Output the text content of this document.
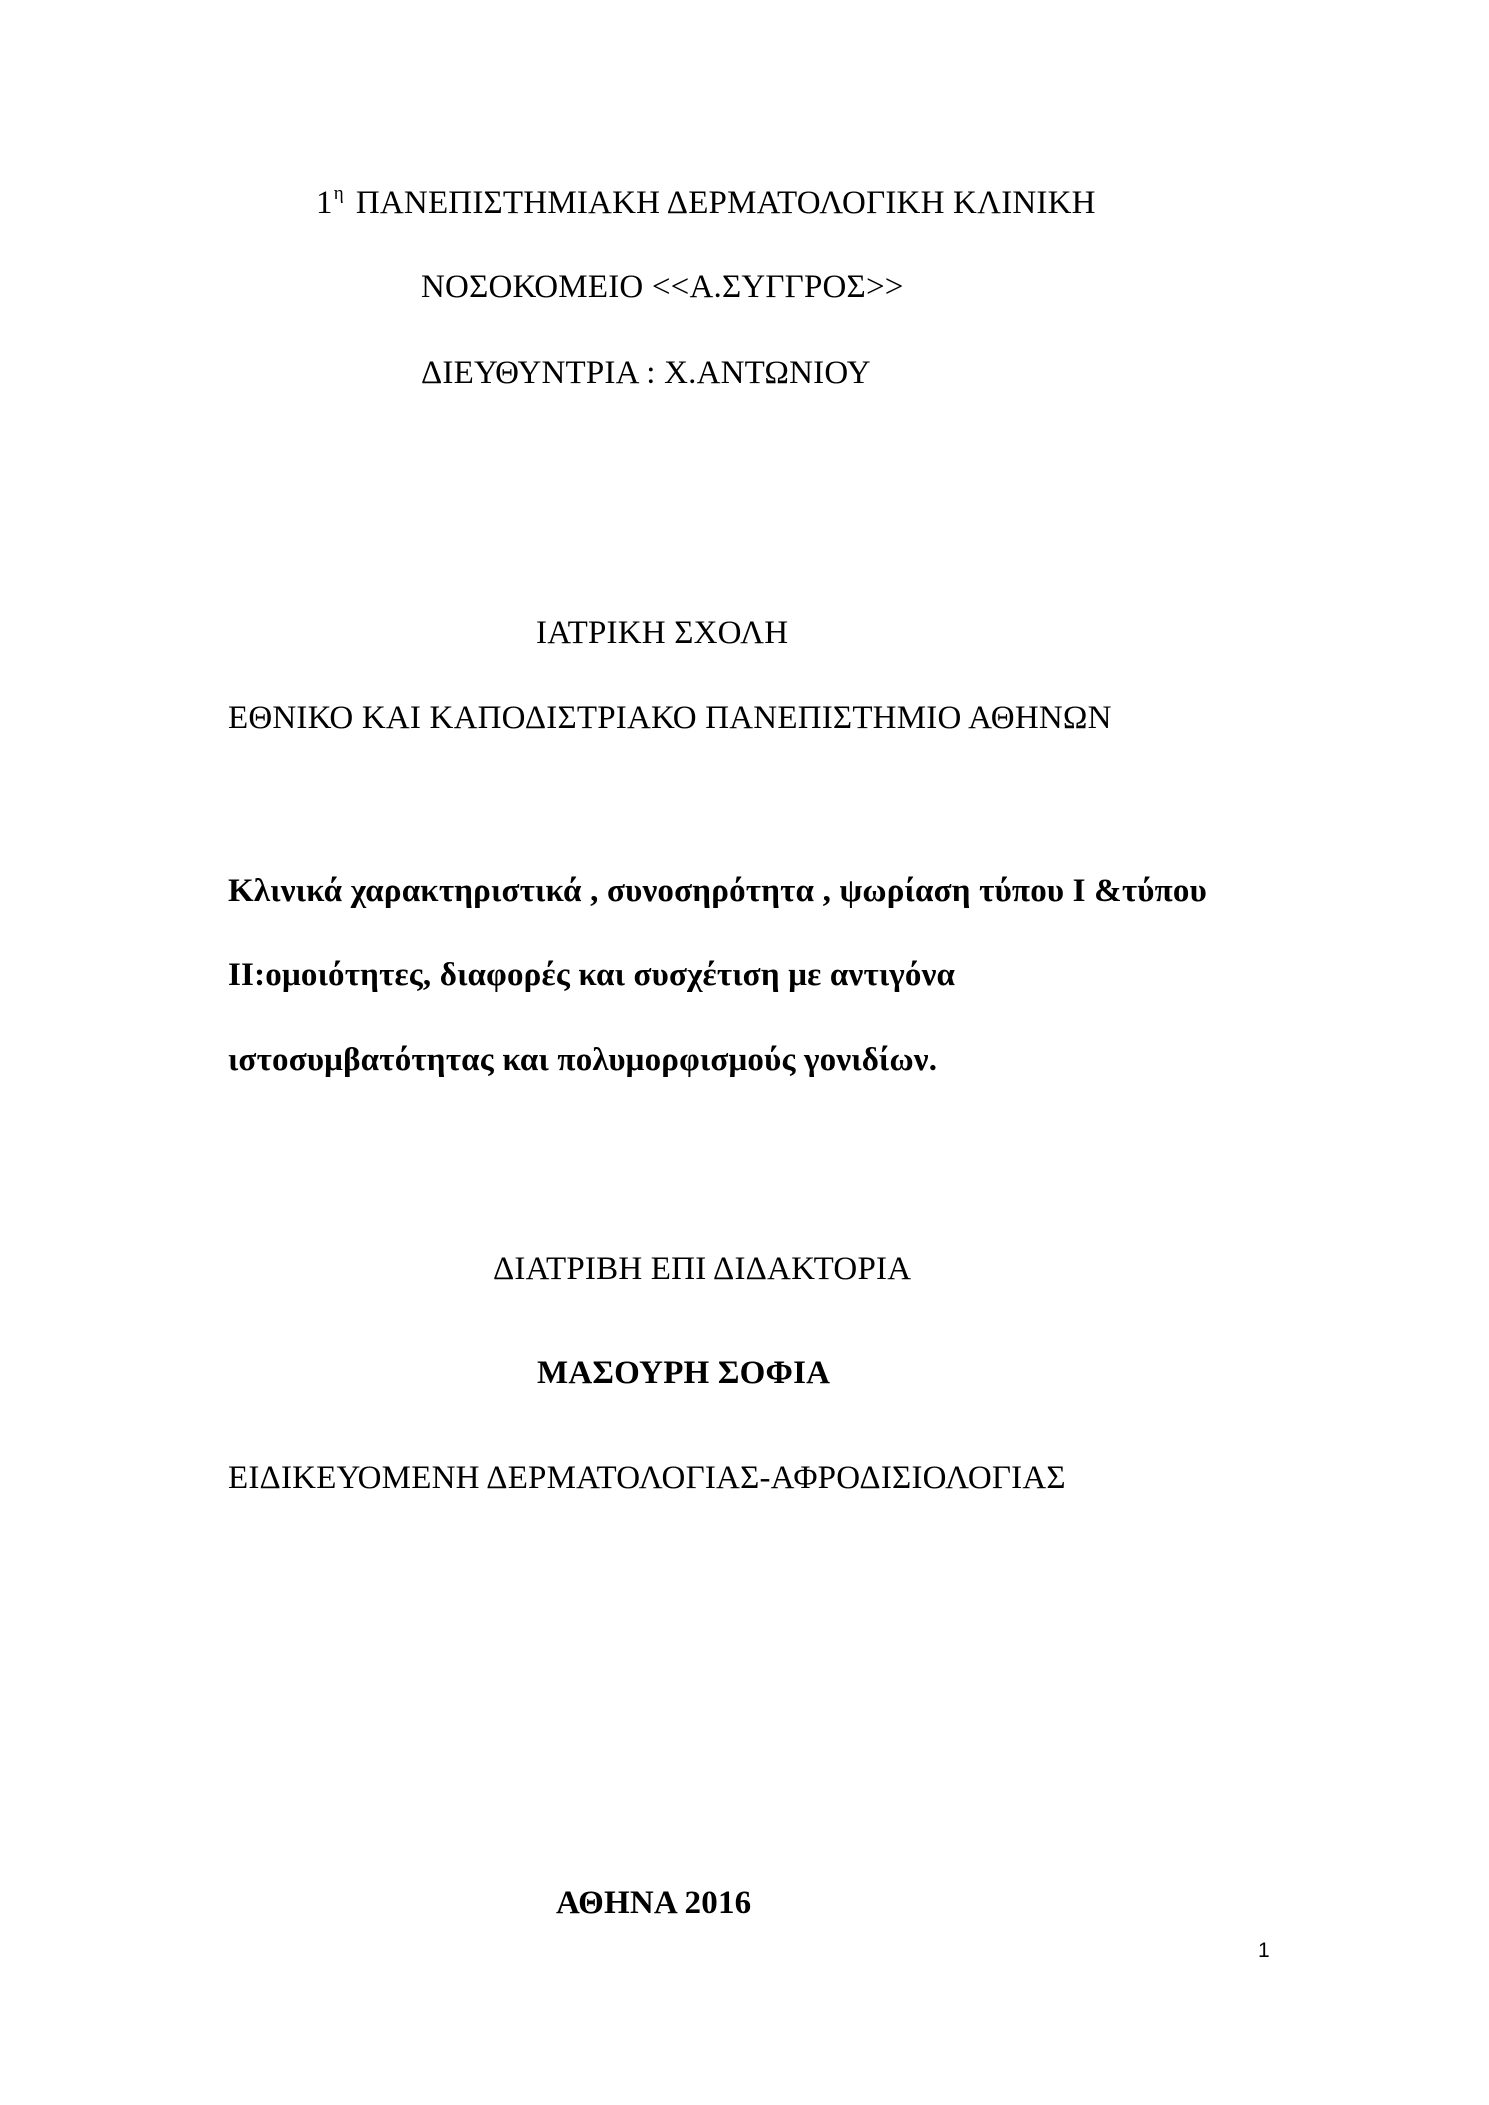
$1^\eta$ ΠΑΝΕΠΙΣΤΗΜΙΑΚΗ ΔΕΡΜΑΤΟΛΟΓΙΚΗ ΚΛΙΝΙΚΗ
ΝΟΣΟΚΟΜΕΙΟ <<Α.ΣΥΓΓΡΟΣ>>
ΔΙΕΥΘΥΝΤΡΙΑ : Χ.ΑΝΤΩΝΙΟΥ
ΙΑΤΡΙΚΗ ΣΧΟΛΗ
ΕΘΝΙΚΟ ΚΑΙ ΚΑΠΟΔΙΣΤΡΙΑΚΟ ΠΑΝΕΠΙΣΤΗΜΙΟ ΑΘΗΝΩΝ
Κλινικά χαρακτηριστικά , συνοσηρότητα , ψωρίαση τύπου Ι &τύπου
ΙΙ:ομοιότητες, διαφορές και συσχέτιση με αντιγόνα
ιστοσυμβατότητας και πολυμορφισμούς γονιδίων.
ΔΙΑΤΡΙΒΗ ΕΠΙ ΔΙΔΑΚΤΟΡΙΑ
ΜΑΣΟΥΡΗ ΣΟΦΙΑ
ΕΙΔΙΚΕΥΟΜΕΝΗ ΔΕΡΜΑΤΟΛΟΓΙΑΣ-ΑΦΡΟΔΙΣΙΟΛΟΓΙΑΣ
ΑΘΗΝΑ 2016
1
